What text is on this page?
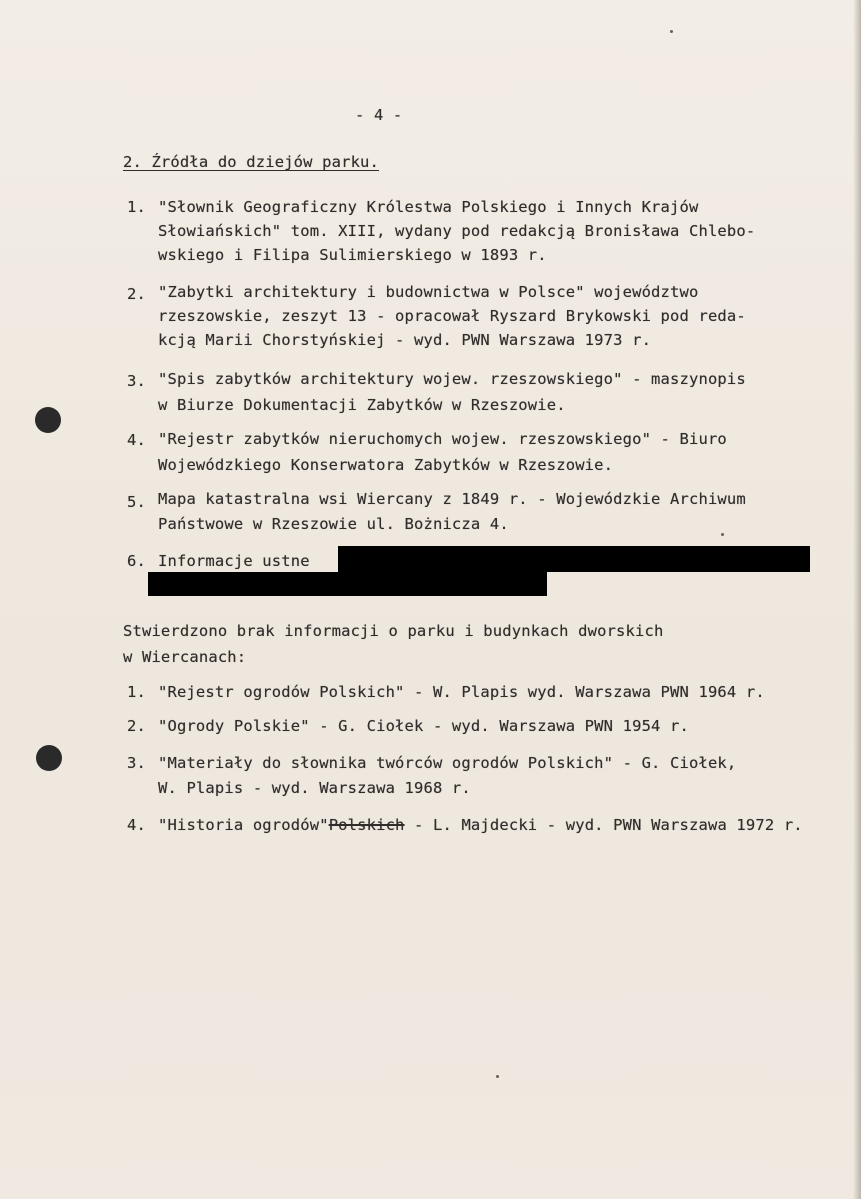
- 4 -
2. Źródła do dziejów parku.
1. "Słownik Geograficzny Królestwa Polskiego i Innych Krajów
Słowiańskich" tom. XIII, wydany pod redakcją Bronisława Chlebo-
wskiego i Filipa Sulimierskiego w 1893 r.
2. "Zabytki architektury i budownictwa w Polsce" województwo
rzeszowskie, zeszyt 13 - opracował Ryszard Brykowski pod reda-
kcją Marii Chorstyńskiej - wyd. PWN Warszawa 1973 r.
3. "Spis zabytków architektury wojew. rzeszowskiego" - maszynopis
w Biurze Dokumentacji Zabytków w Rzeszowie.
4. "Rejestr zabytków nieruchomych wojew. rzeszowskiego" - Biuro
Wojewódzkiego Konserwatora Zabytków w Rzeszowie.
5. Mapa katastralna wsi Wiercany z 1849 r. - Wojewódzkie Archiwum
Państwowe w Rzeszowie ul. Bożnicza 4.
6. Informacje ustne
Stwierdzono brak informacji o parku i budynkach dworskich
w Wiercanach:
1. "Rejestr ogrodów Polskich" - W. Plapis wyd. Warszawa PWN 1964 r.
2. "Ogrody Polskie" - G. Ciołek - wyd. Warszawa PWN 1954 r.
3. "Materiały do słownika twórców ogrodów Polskich" - G. Ciołek,
W. Plapis - wyd. Warszawa 1968 r.
4. "Historia ogrodów"Polskich - L. Majdecki - wyd. PWN Warszawa 1972 r.
